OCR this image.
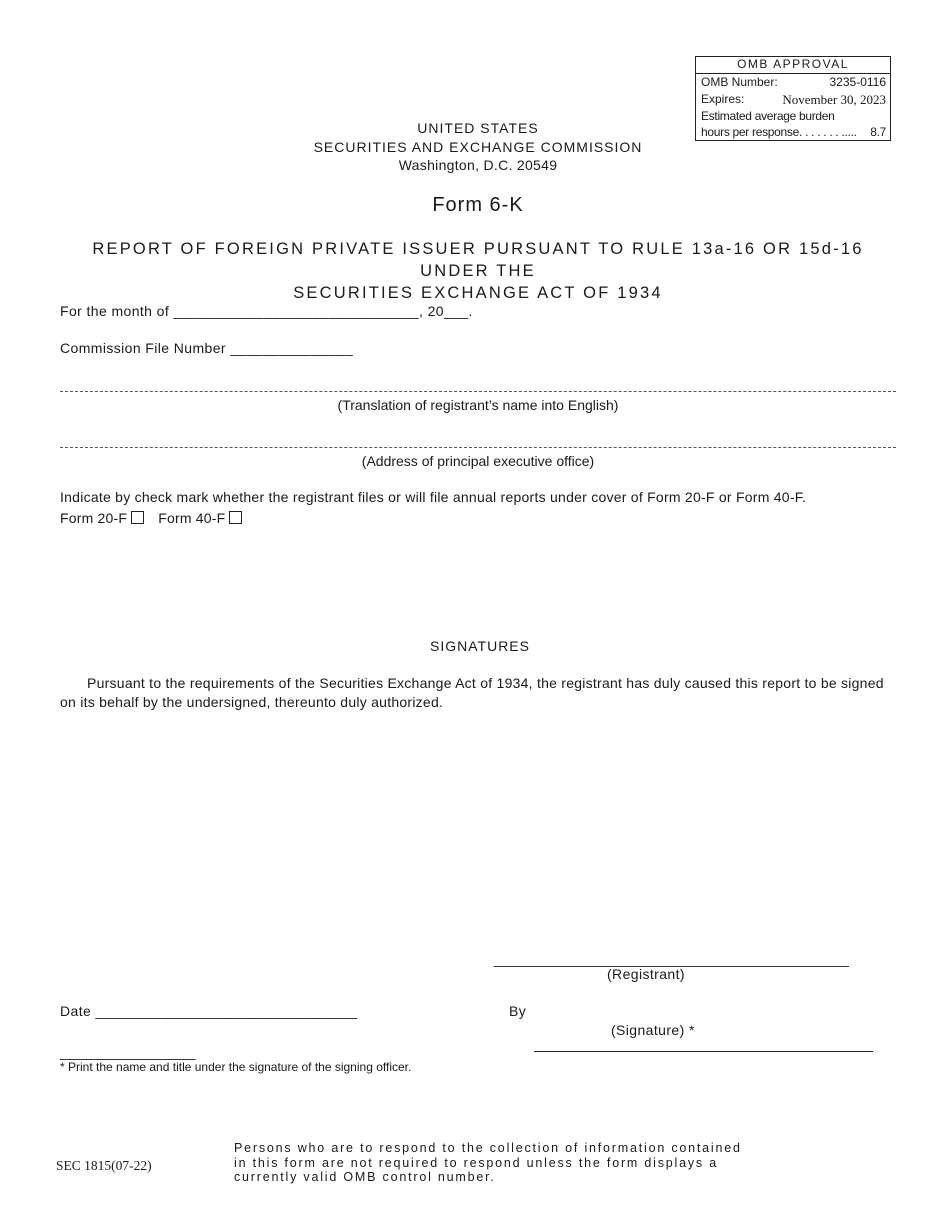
OMB APPROVAL
OMB Number:	3235-0116
Expires:	November 30, 2023
Estimated average burden
hours per response. . . . . . . ..... 8.7
UNITED STATES
SECURITIES AND EXCHANGE COMMISSION
Washington, D.C. 20549
Form 6-K
REPORT OF FOREIGN PRIVATE ISSUER PURSUANT TO RULE 13a-16 OR 15d-16 UNDER THE
SECURITIES EXCHANGE ACT OF 1934
For the month of ______________________________, 20___.
Commission File Number _______________
(Translation of registrant’s name into English)
(Address of principal executive office)
Indicate by check mark whether the registrant files or will file annual reports under cover of Form 20-F or Form 40-F.
Form 20-F Form 40-F
SIGNATURES
Pursuant to the requirements of the Securities Exchange Act of 1934, the registrant has duly caused this report to be signed on its behalf by the undersigned, thereunto duly authorized.
_____________________________________________
(Registrant)
Date ________________________________	By
(Signature) *
_________________
* Print the name and title under the signature of the signing officer.
SEC 1815(07-22)
Persons who are to respond to the collection of information contained
in this form are not required to respond unless the form displays a
currently valid OMB control number.
